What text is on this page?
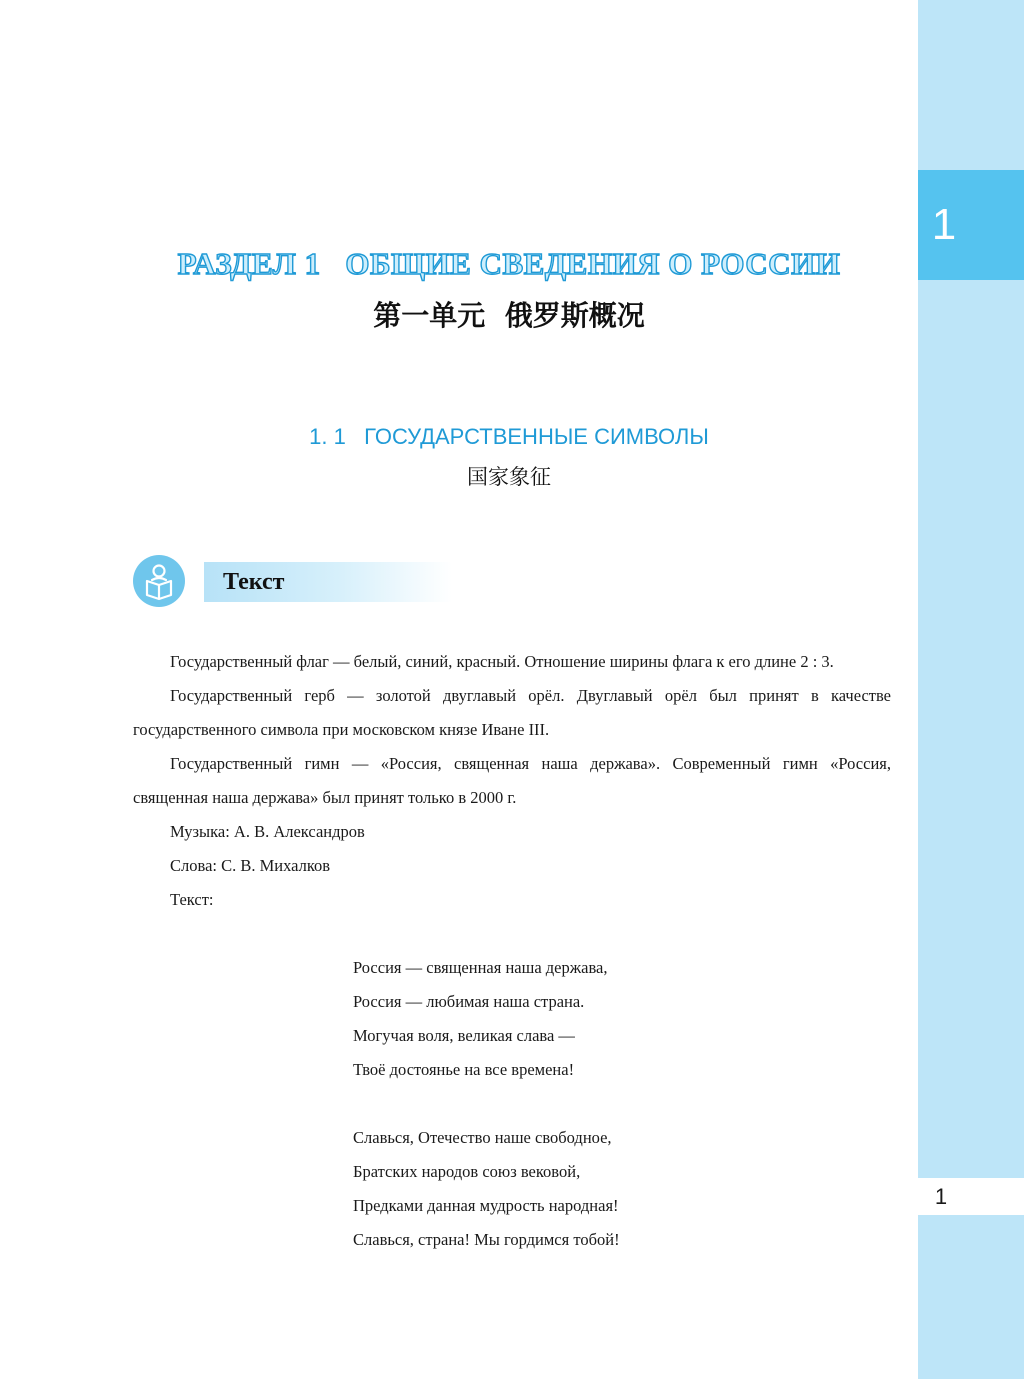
1
1
РАЗДЕЛ 1   ОБЩИЕ СВЕДЕНИЯ О РОССИИ
第一单元  俄罗斯概况
1. 1   ГОСУДАРСТВЕННЫЕ СИМВОЛЫ
国家象征
Текст

Государственный флаг — белый, синий, красный. Отношение ширины флага к его длине 2 : 3.

Государственный герб — золотой двуглавый орёл. Двуглавый орёл был принят в качестве государственного символа при московском князе Иване III.

Государственный гимн — «Россия, священная наша держава». Современный гимн «Россия, священная наша держава» был принят только в 2000 г.

Музыка: А. В. Александров

Слова: С. В. Михалков

Текст:

Россия — священная наша держава,
Россия — любимая наша страна.
Могучая воля, великая слава —
Твоё достоянье на все времена!
Славься, Отечество наше свободное,
Братских народов союз вековой,
Предками данная мудрость народная!
Славься, страна! Мы гордимся тобой!
